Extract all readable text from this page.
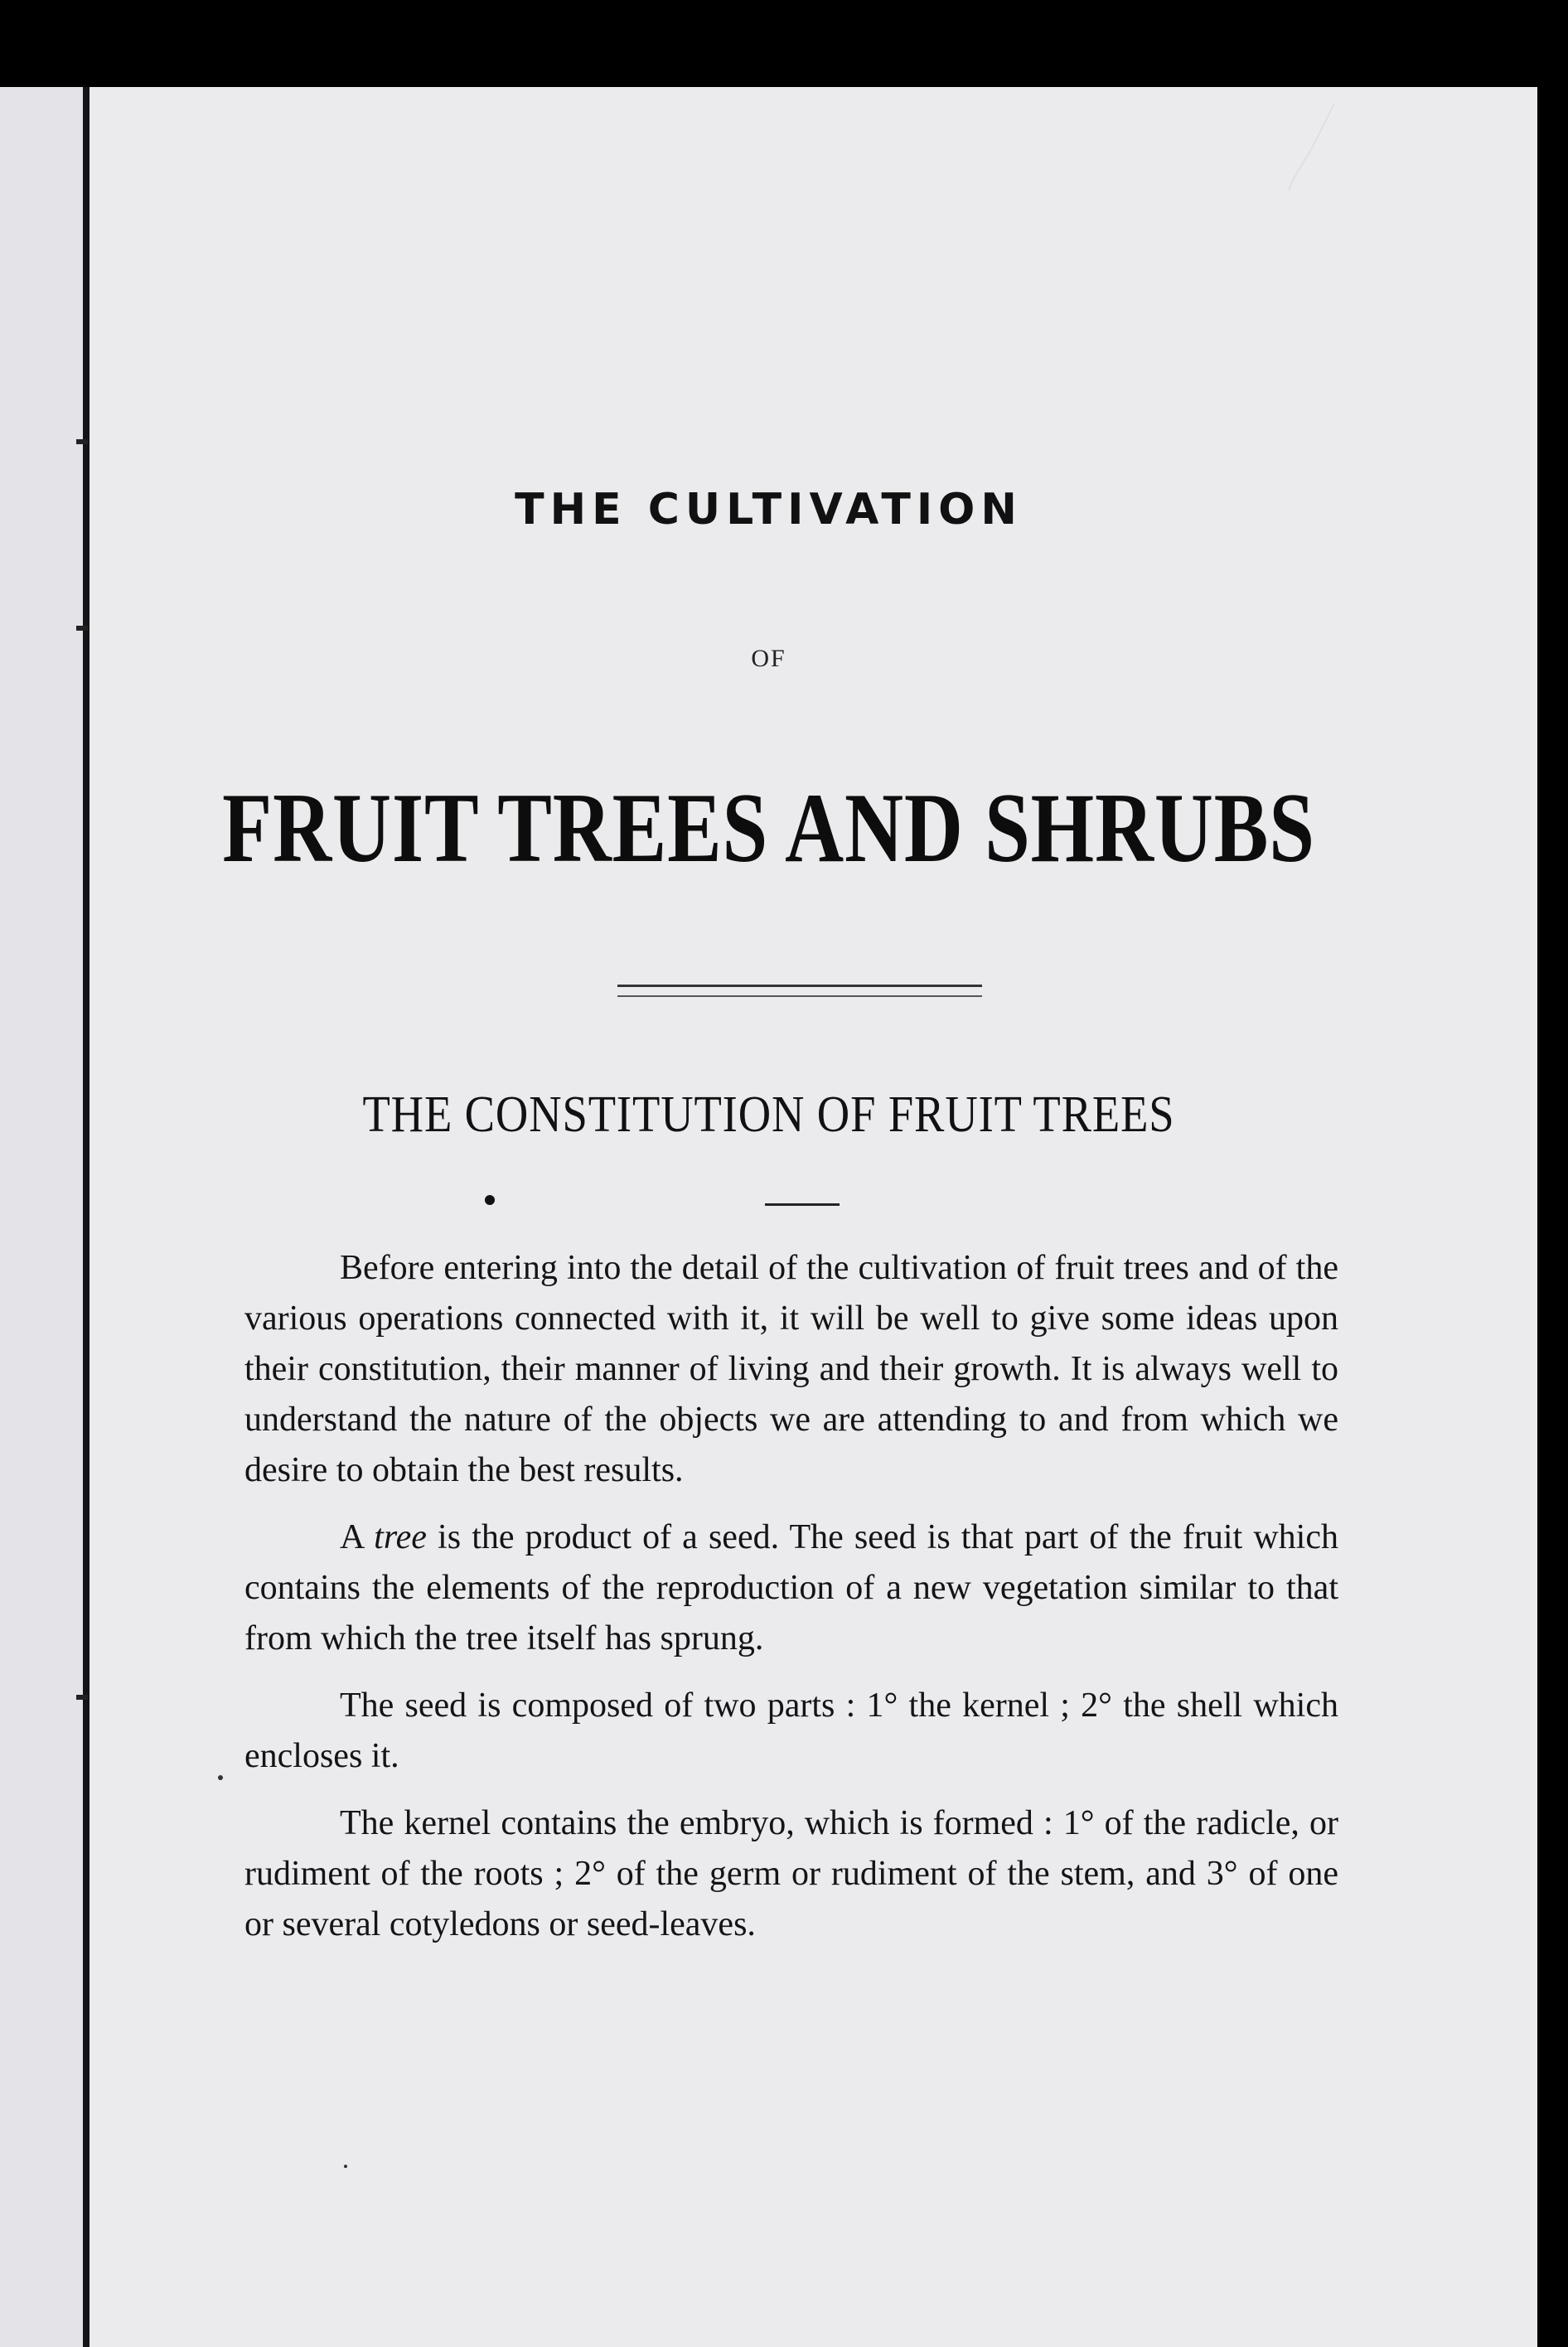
THE CULTIVATION
OF
FRUIT TREES AND SHRUBS
THE CONSTITUTION OF FRUIT TREES

Before entering into the detail of the cultivation of fruit trees and of the various operations connected with it, it will be well to give some ideas upon their constitution, their manner of living and their growth. It is always well to understand the nature of the objects we are attending to and from which we desire to obtain the best results.

A tree is the product of a seed. The seed is that part of the fruit which contains the elements of the reproduction of a new vegetation similar to that from which the tree itself has sprung.

The seed is composed of two parts : 1° the kernel ; 2° the shell which encloses it.

The kernel contains the embryo, which is formed : 1° of the radicle, or rudiment of the roots ; 2° of the germ or rudiment of the stem, and 3° of one or several cotyledons or seed-leaves.
